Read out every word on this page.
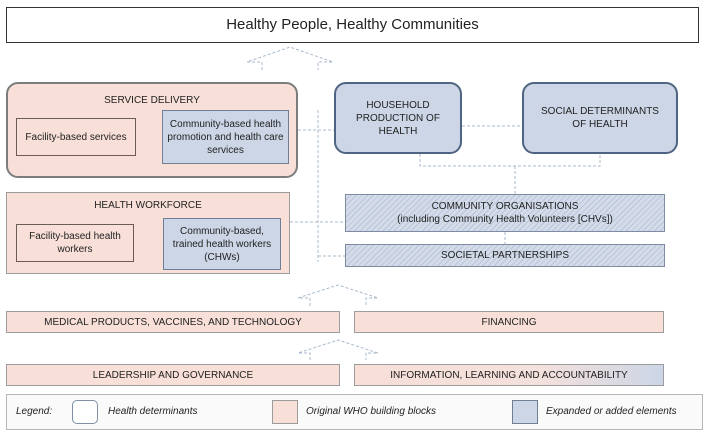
Healthy People, Healthy Communities
SERVICE DELIVERY
Facility-based services
Community-based health promotion and health care services
HOUSEHOLD PRODUCTION OF HEALTH
SOCIAL DETERMINANTS OF HEALTH
HEALTH WORKFORCE
Facility-based health workers
Community-based, trained health workers (CHWs)
COMMUNITY ORGANISATIONS
(including Community Health Volunteers [CHVs])
SOCIETAL PARTNERSHIPS
MEDICAL PRODUCTS, VACCINES, AND TECHNOLOGY	FINANCING
LEADERSHIP AND GOVERNANCE	INFORMATION, LEARNING AND ACCOUNTABILITY
Legend:	Health determinants	Original WHO building blocks	Expanded or added elements
